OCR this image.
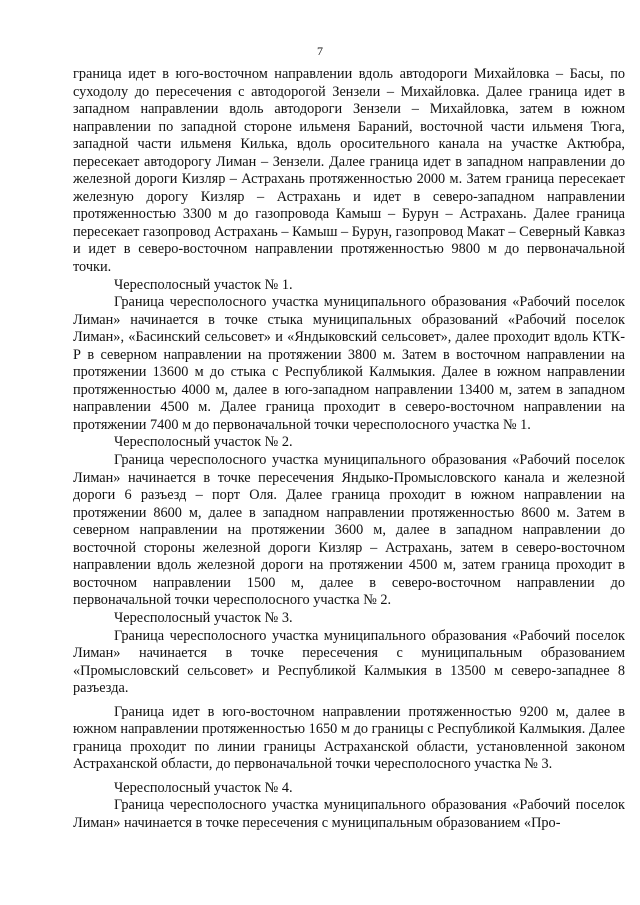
7

граница идет в юго-восточном направлении вдоль автодороги Михайловка – Басы, по суходолу до пересечения с автодорогой Зензели – Михайловка. Далее граница идет в западном направлении вдоль автодороги Зензели – Михайловка, затем в южном направлении по западной стороне ильменя Бараний, восточной части ильменя Тюга, западной части ильменя Килька, вдоль оросительного канала на участке Актюбра, пересекает автодорогу Лиман – Зензели. Далее граница идет в западном направлении до железной дороги Кизляр – Астрахань протяженностью 2000 м. Затем граница пересекает железную дорогу Кизляр – Астрахань и идет в северо-западном направлении протяженностью 3300 м до газопровода Камыш – Бурун – Астрахань. Далее граница пересекает газопровод Астрахань – Камыш – Бурун, газопровод Макат – Северный Кавказ и идет в северо-восточном направлении протяженностью 9800 м до первоначальной точки.

Чересполосный участок № 1.

Граница чересполосного участка муниципального образования «Рабочий поселок Лиман» начинается в точке стыка муниципальных образований «Рабочий поселок Лиман», «Басинский сельсовет» и «Яндыковский сельсовет», далее проходит вдоль КТК-Р в северном направлении на протяжении 3800 м. Затем в восточном направлении на протяжении 13600 м до стыка с Республикой Калмыкия. Далее в южном направлении протяженностью 4000 м, далее в юго-западном направлении 13400 м, затем в западном направлении 4500 м. Далее граница проходит в северо-восточном направлении на протяжении 7400 м до первоначальной точки чересполосного участка № 1.

Чересполосный участок № 2.

Граница чересполосного участка муниципального образования «Рабочий поселок Лиман» начинается в точке пересечения Яндыко-Промысловского канала и железной дороги 6 разъезд – порт Оля. Далее граница проходит в южном направлении на протяжении 8600 м, далее в западном направлении протяженностью 8600 м. Затем в северном направлении на протяжении 3600 м, далее в западном направлении до восточной стороны железной дороги Кизляр – Астрахань, затем в северо-восточном направлении вдоль железной дороги на протяжении 4500 м, затем граница проходит в восточном направлении 1500 м, далее в северо-восточном направлении до первоначальной точки чересполосного участка № 2.

Чересполосный участок № 3.

Граница чересполосного участка муниципального образования «Рабочий поселок Лиман» начинается в точке пересечения с муниципальным образованием «Промысловский сельсовет» и Республикой Калмыкия в 13500 м северо-западнее 8 разъезда.

Граница идет в юго-восточном направлении протяженностью 9200 м, далее в южном направлении протяженностью 1650 м до границы с Республикой Калмыкия. Далее граница проходит по линии границы Астраханской области, установленной законом Астраханской области, до первоначальной точки чересполосного участка № 3.

Чересполосный участок № 4.

Граница чересполосного участка муниципального образования «Рабочий поселок Лиман» начинается в точке пересечения с муниципальным образованием «Про-
